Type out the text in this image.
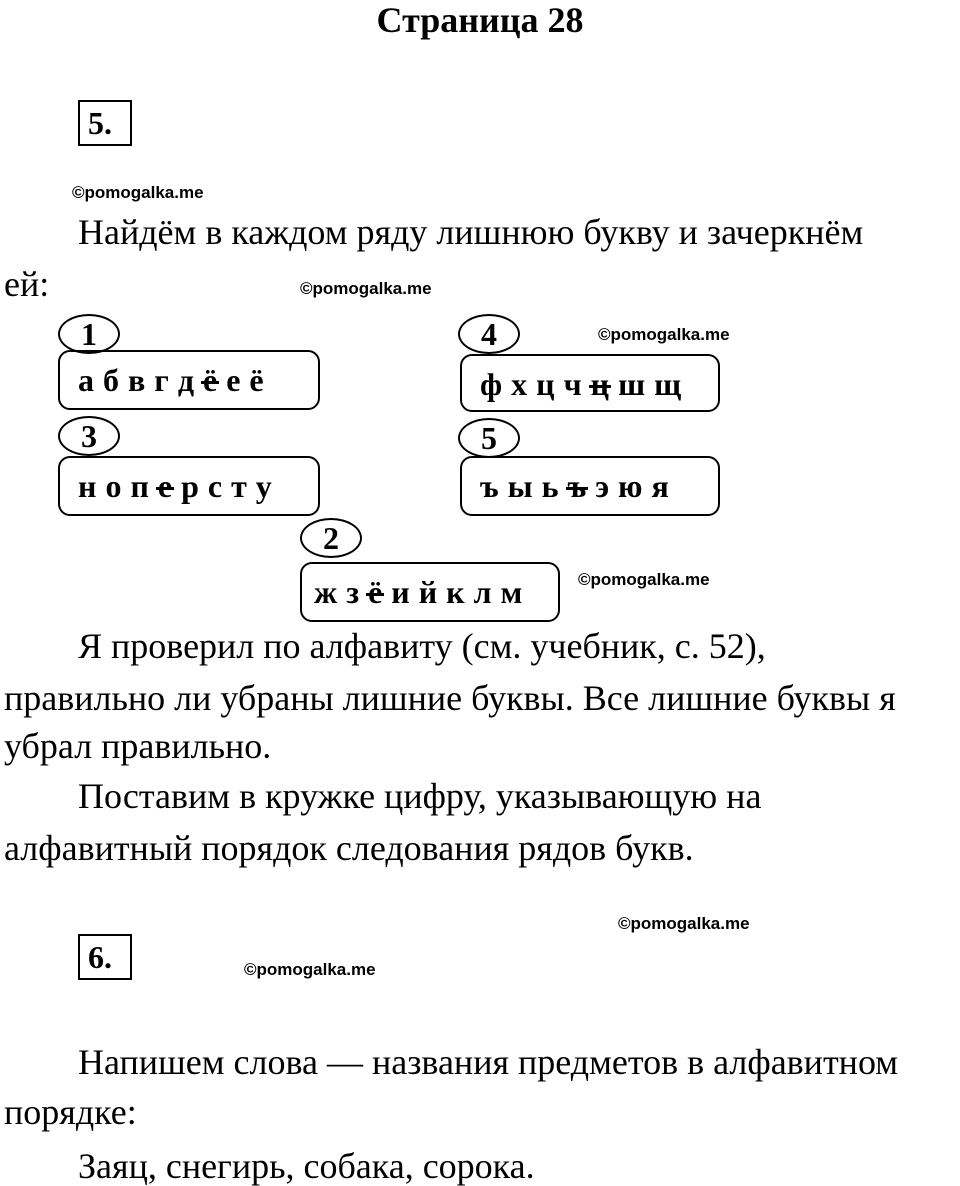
Страница 28
5.
©pomogalka.me
Найдём в каждом ряду лишнюю букву и зачеркнём
ей:	©pomogalka.me
©pomogalka.me
1
а б в г д ё е ё
4
ф х ц ч ц ш щ
3
н о п е р с т у
5
ъ ы ь ъ э ю я
2
ж з ё и й к л м	©pomogalka.me
Я проверил по алфавиту (см. учебник, с. 52),
правильно ли убраны лишние буквы. Все лишние буквы я
убрал правильно.
Поставим в кружке цифру, указывающую на
алфавитный порядок следования рядов букв.
©pomogalka.me
6.	©pomogalka.me
Напишем слова — названия предметов в алфавитном
порядке:
Заяц, снегирь, собака, сорока.
